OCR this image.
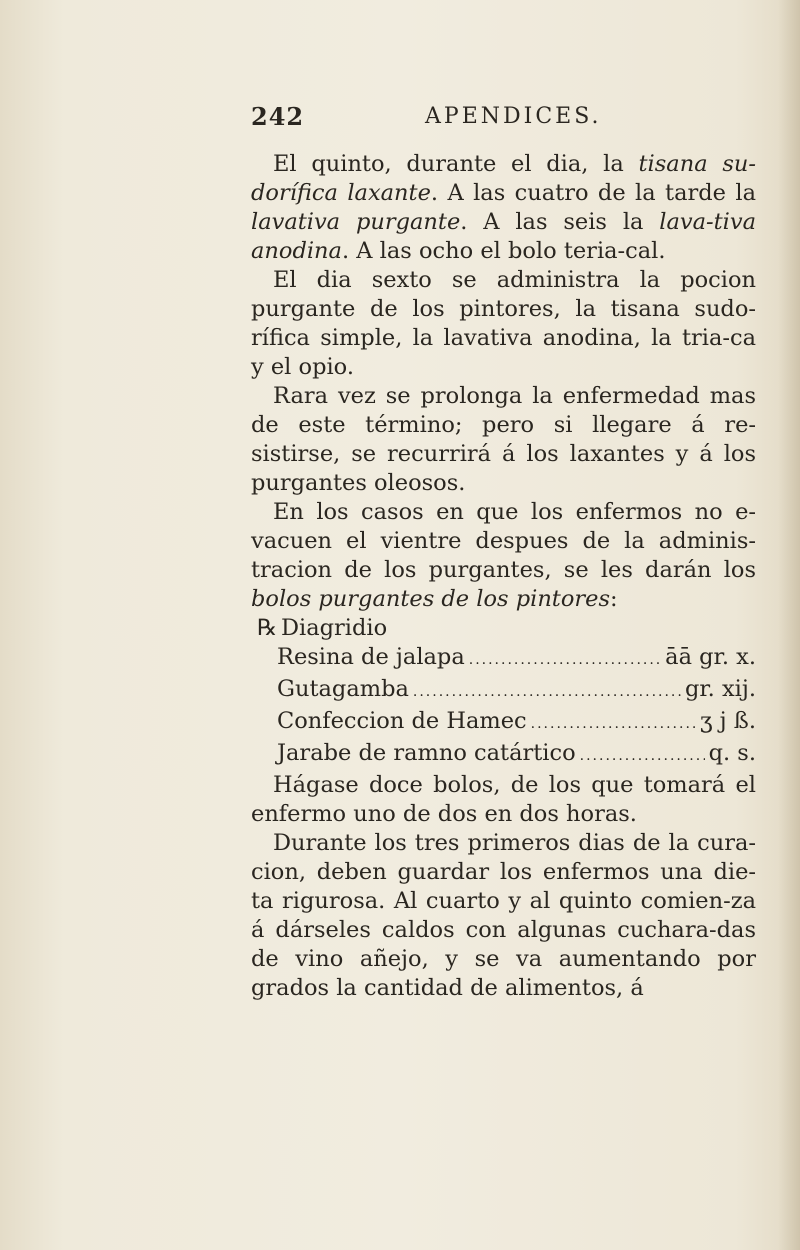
242	APENDICES.

El quinto, durante el dia, la tisana su-dorífica laxante. A las cuatro de la tarde la lavativa purgante. A las seis la lava-tiva anodina. A las ocho el bolo teria-cal.

El dia sexto se administra la pocion purgante de los pintores, la tisana sudo-rífica simple, la lavativa anodina, la tria-ca y el opio.

Rara vez se prolonga la enfermedad mas de este término; pero si llegare á re-sistirse, se recurrirá á los laxantes y á los purgantes oleosos.

En los casos en que los enfermos no e-vacuen el vientre despues de la adminis-tracion de los purgantes, se les darán los bolos purgantes de los pintores:

℞ Diagridio

Resina de jalapa .....	āā gr. x.
Gutagamba .....	gr. xij.
Confeccion de Hamec .....	ʒ j ß.
Jarabe de ramno catártico .....	q. s.

Hágase doce bolos, de los que tomará el enfermo uno de dos en dos horas.

Durante los tres primeros dias de la cura-cion, deben guardar los enfermos una die-ta rigurosa. Al cuarto y al quinto comien-za á dárseles caldos con algunas cuchara-das de vino añejo, y se va aumentando por grados la cantidad de alimentos, á
